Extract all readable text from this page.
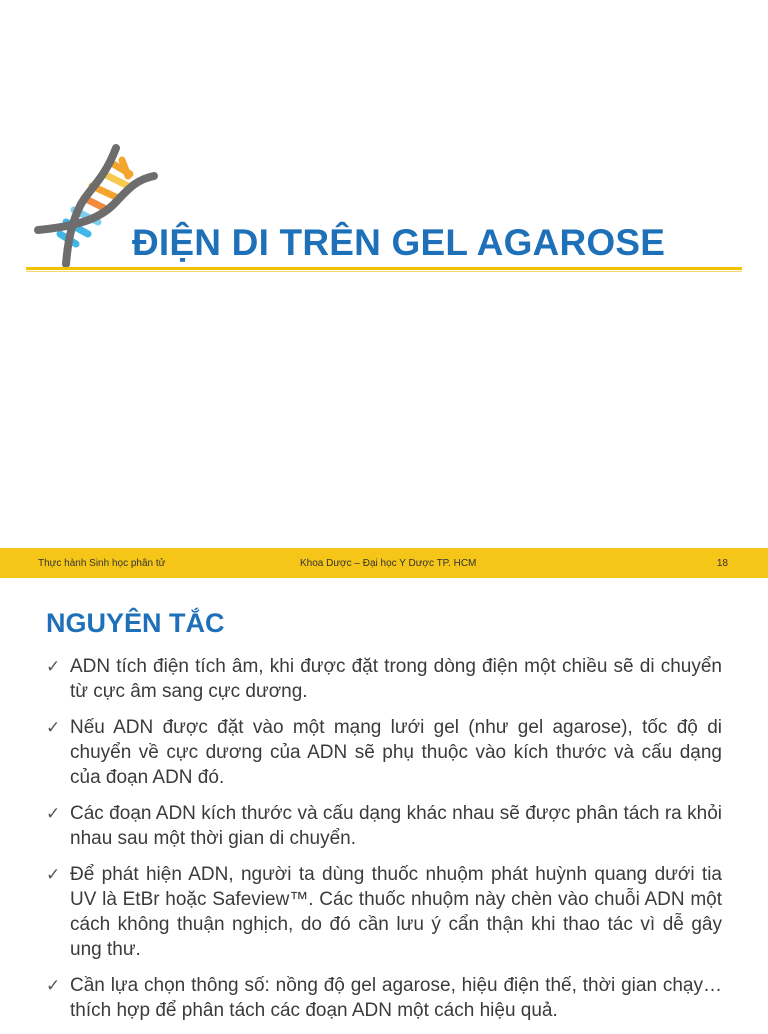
ĐIỆN DI TRÊN GEL AGAROSE
Thực hành Sinh học phân tử	Khoa Dược – Đại học Y Dược TP. HCM	18
NGUYÊN TẮC
✓ ADN tích điện tích âm, khi được đặt trong dòng điện một chiều sẽ di chuyển từ cực âm sang cực dương.
✓ Nếu ADN được đặt vào một mạng lưới gel (như gel agarose), tốc độ di chuyển về cực dương của ADN sẽ phụ thuộc vào kích thước và cấu dạng của đoạn ADN đó.
✓ Các đoạn ADN kích thước và cấu dạng khác nhau sẽ được phân tách ra khỏi nhau sau một thời gian di chuyển.
✓ Để phát hiện ADN, người ta dùng thuốc nhuộm phát huỳnh quang dưới tia UV là EtBr hoặc Safeview™. Các thuốc nhuộm này chèn vào chuỗi ADN một cách không thuận nghịch, do đó cần lưu ý cẩn thận khi thao tác vì dễ gây ung thư.
✓ Cần lựa chọn thông số: nồng độ gel agarose, hiệu điện thế, thời gian chạy… thích hợp để phân tách các đoạn ADN một cách hiệu quả.
